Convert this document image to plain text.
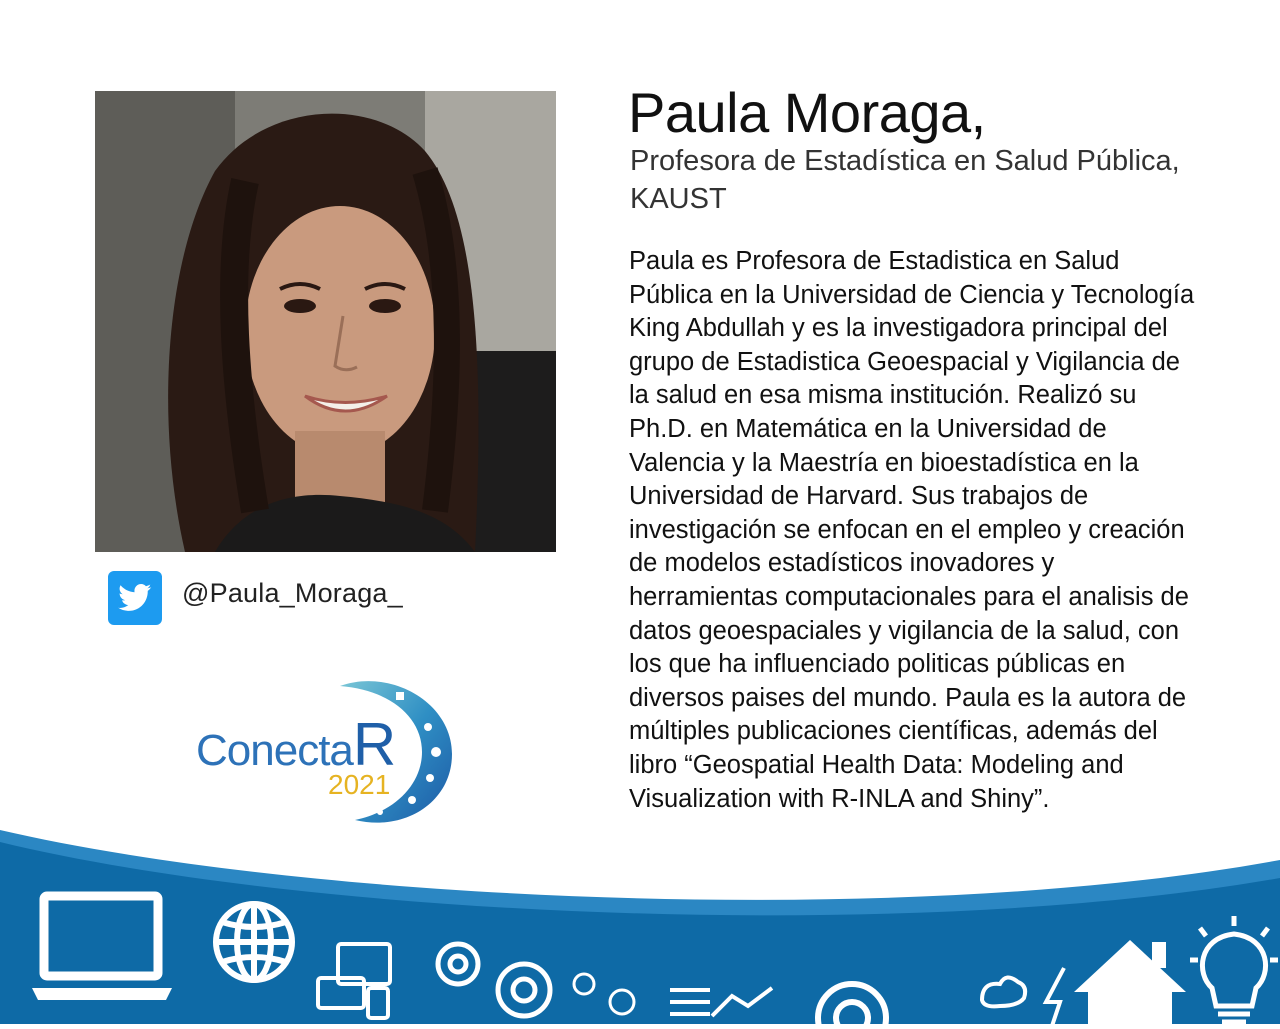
@Paula_Moraga_
ConectaR
2021
Paula Moraga,
Profesora de Estadística en Salud Pública,
KAUST
Paula es Profesora de Estadistica en Salud Pública en la Universidad de Ciencia y Tecnología King Abdullah y es la investigadora principal del grupo de Estadistica Geoespacial y Vigilancia de la salud en esa misma institución. Realizó su Ph.D. en Matemática en la Universidad de Valencia y la Maestría en bioestadística en la Universidad de Harvard. Sus trabajos de investigación se enfocan en el empleo y creación de modelos estadísticos inovadores y herramientas computacionales para el analisis de datos geoespaciales y vigilancia de la salud, con los que ha influenciado politicas públicas en diversos paises del mundo. Paula es la autora de múltiples publicaciones científicas, además del libro “Geospatial Health Data: Modeling and Visualization with R-INLA and Shiny”.
